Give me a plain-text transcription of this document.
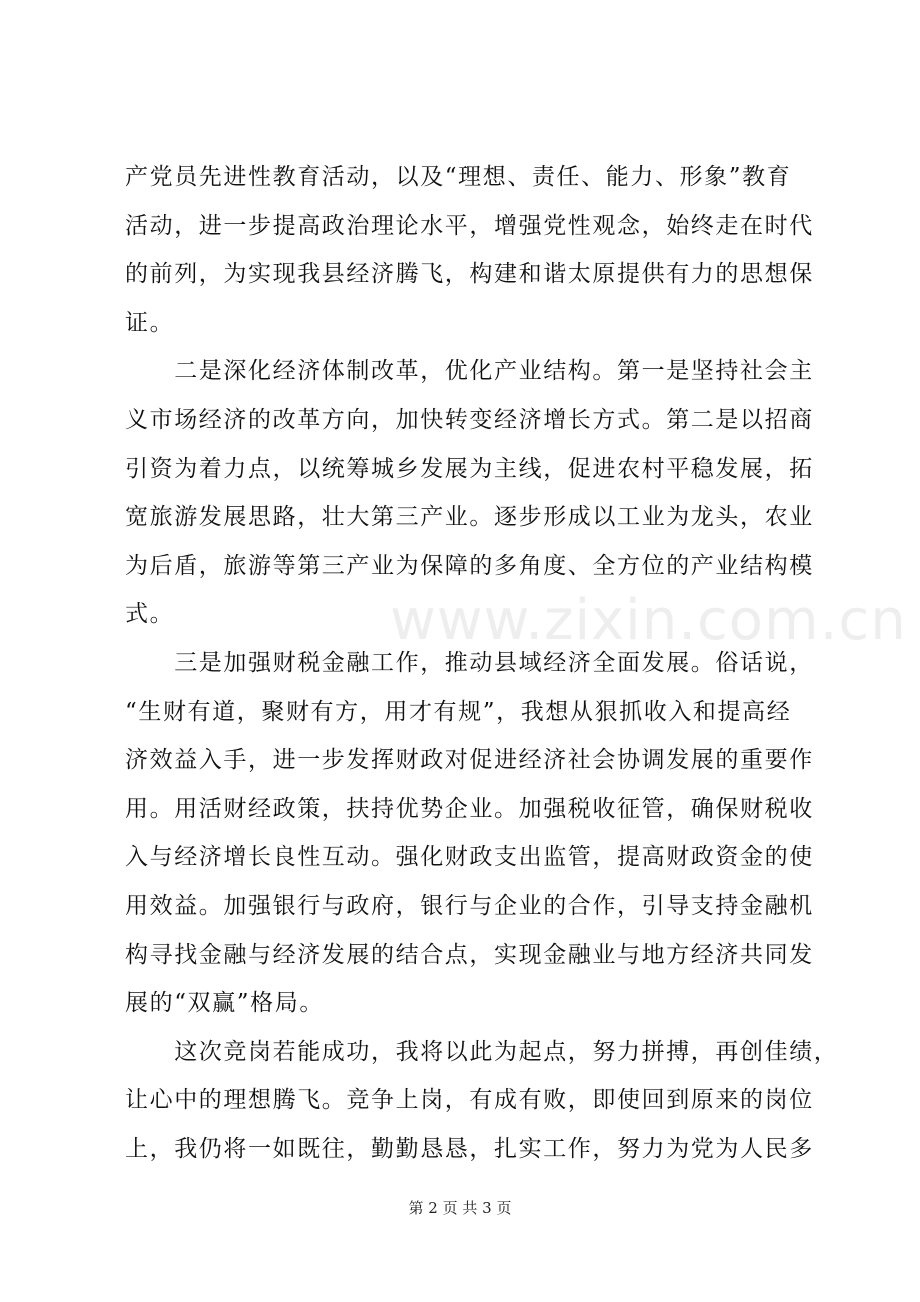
www.zixin.com.cn
产党员先进性教育活动，以及“理想、责任、能力、形象”教育
活动，进一步提高政治理论水平，增强党性观念，始终走在时代
的前列，为实现我县经济腾飞，构建和谐太原提供有力的思想保
证。
　　二是深化经济体制改革，优化产业结构。第一是坚持社会主
义市场经济的改革方向，加快转变经济增长方式。第二是以招商
引资为着力点，以统筹城乡发展为主线，促进农村平稳发展，拓
宽旅游发展思路，壮大第三产业。逐步形成以工业为龙头，农业
为后盾，旅游等第三产业为保障的多角度、全方位的产业结构模
式。
　　三是加强财税金融工作，推动县域经济全面发展。俗话说，
“生财有道，聚财有方，用才有规”，我想从狠抓收入和提高经
济效益入手，进一步发挥财政对促进经济社会协调发展的重要作
用。用活财经政策，扶持优势企业。加强税收征管，确保财税收
入与经济增长良性互动。强化财政支出监管，提高财政资金的使
用效益。加强银行与政府，银行与企业的合作，引导支持金融机
构寻找金融与经济发展的结合点，实现金融业与地方经济共同发
展的“双赢”格局。
　　这次竞岗若能成功，我将以此为起点，努力拼搏，再创佳绩，
让心中的理想腾飞。竞争上岗，有成有败，即使回到原来的岗位
上，我仍将一如既往，勤勤恳恳，扎实工作，努力为党为人民多
第 2 页 共 3 页
